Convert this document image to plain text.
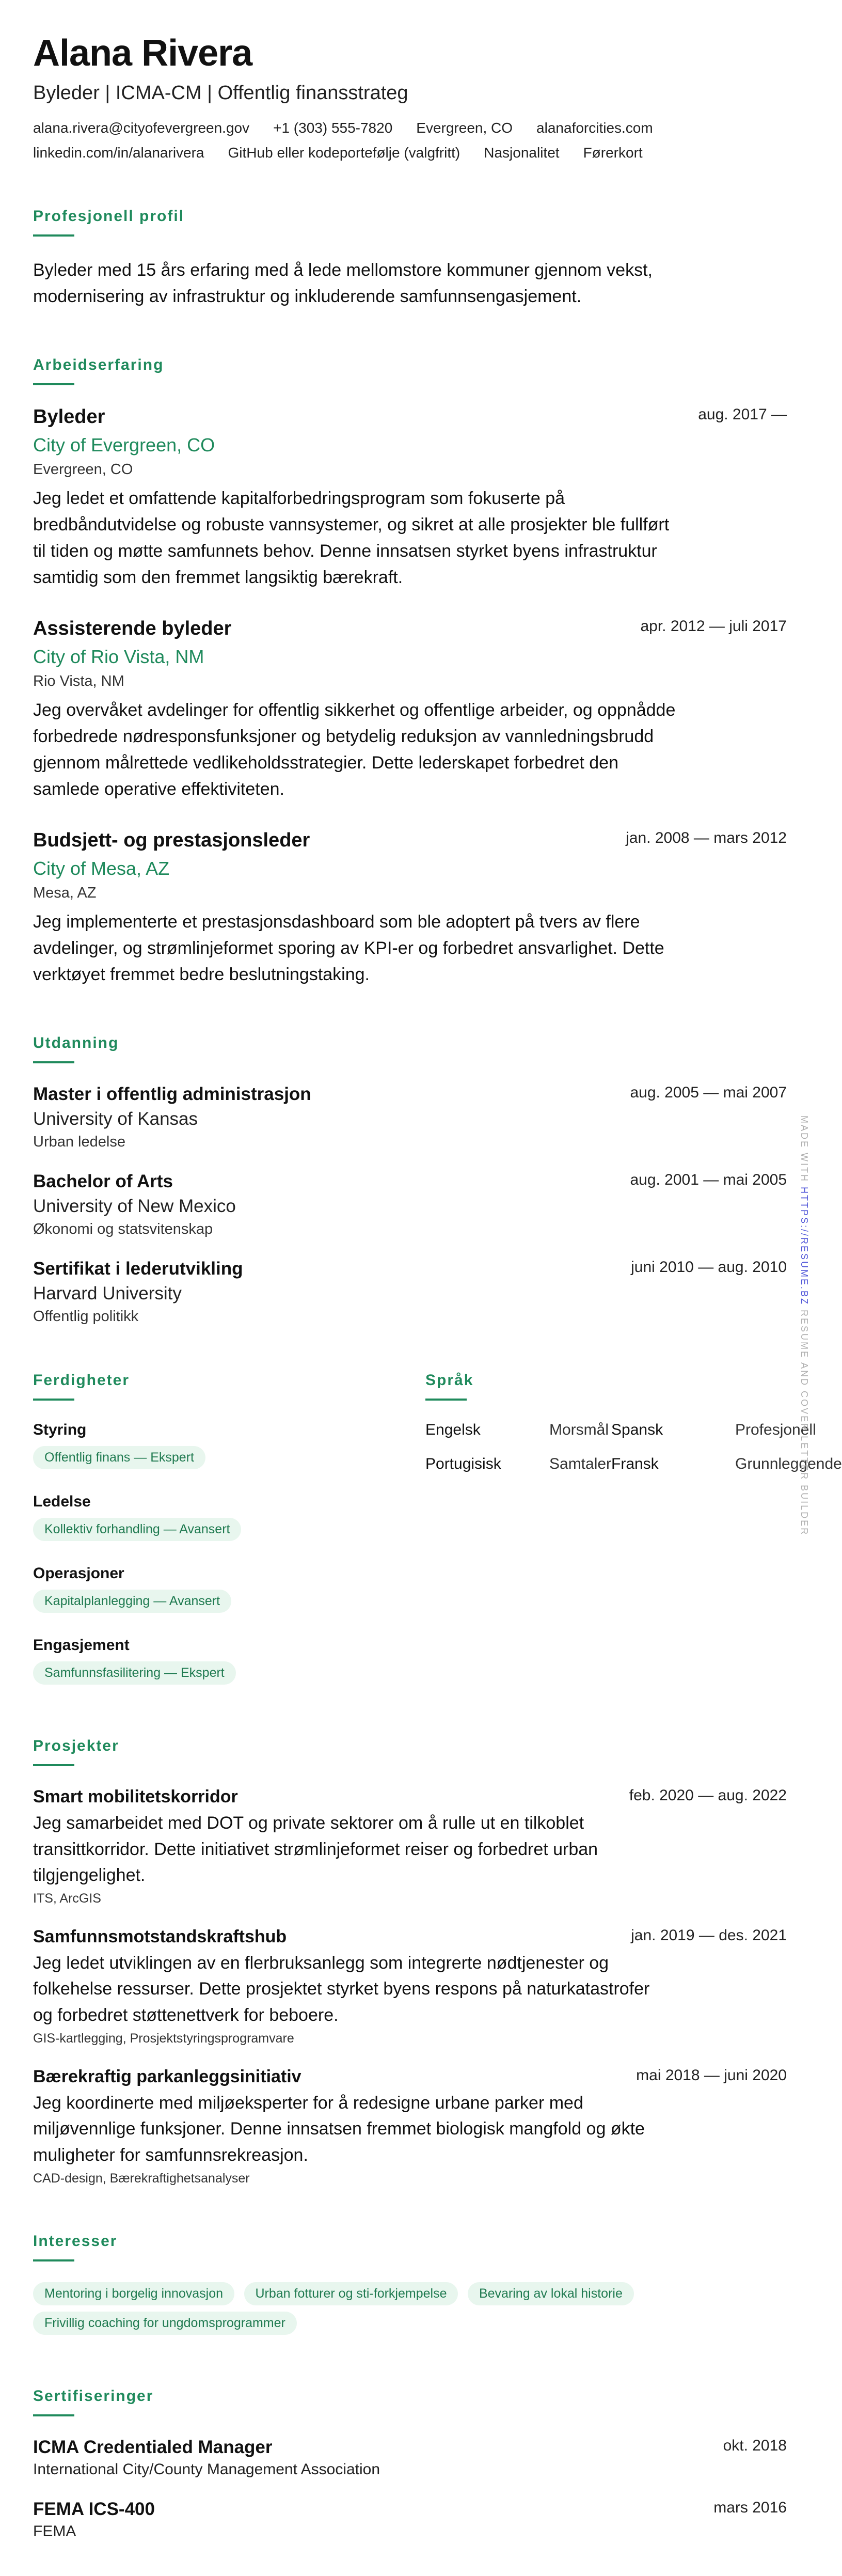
Alana Rivera
Byleder | ICMA-CM | Offentlig finansstrateg
alana.rivera@cityofevergreen.gov +1 (303) 555-7820 Evergreen, CO alanaforcities.com
linkedin.com/in/alanarivera GitHub eller kodeportefølje (valgfritt) Nasjonalitet Førerkort
Profesjonell profil
Byleder med 15 års erfaring med å lede mellomstore kommuner gjennom vekst, modernisering av infrastruktur og inkluderende samfunnsengasjement.
Arbeidserfaring
Byleder	aug. 2017 —
City of Evergreen, CO
Evergreen, CO
Jeg ledet et omfattende kapitalforbedringsprogram som fokuserte på bredbåndutvidelse og robuste vannsystemer, og sikret at alle prosjekter ble fullført til tiden og møtte samfunnets behov. Denne innsatsen styrket byens infrastruktur samtidig som den fremmet langsiktig bærekraft.
Assisterende byleder	apr. 2012 — juli 2017
City of Rio Vista, NM
Rio Vista, NM
Jeg overvåket avdelinger for offentlig sikkerhet og offentlige arbeider, og oppnådde forbedrede nødresponsfunksjoner og betydelig reduksjon av vannledningsbrudd gjennom målrettede vedlikeholdsstrategier. Dette lederskapet forbedret den samlede operative effektiviteten.
Budsjett- og prestasjonsleder	jan. 2008 — mars 2012
City of Mesa, AZ
Mesa, AZ
Jeg implementerte et prestasjonsdashboard som ble adoptert på tvers av flere avdelinger, og strømlinjeformet sporing av KPI-er og forbedret ansvarlighet. Dette verktøyet fremmet bedre beslutningstaking.
Utdanning
Master i offentlig administrasjon	aug. 2005 — mai 2007
University of Kansas
Urban ledelse
Bachelor of Arts	aug. 2001 — mai 2005
University of New Mexico
Økonomi og statsvitenskap
Sertifikat i lederutvikling	juni 2010 — aug. 2010
Harvard University
Offentlig politikk
Ferdigheter
Styring
Offentlig finans — Ekspert
Ledelse
Kollektiv forhandling — Avansert
Operasjoner
Kapitalplanlegging — Avansert
Engasjement
Samfunnsfasilitering — Ekspert
Språk
Engelsk	Morsmål Spansk	Profesjonell
Portugisisk	Samtaler Fransk	Grunnleggende
Prosjekter
Smart mobilitetskorridor	feb. 2020 — aug. 2022
Jeg samarbeidet med DOT og private sektorer om å rulle ut en tilkoblet transittkorridor. Dette initiativet strømlinjeformet reiser og forbedret urban tilgjengelighet.
ITS, ArcGIS
Samfunnsmotstandskraftshub	jan. 2019 — des. 2021
Jeg ledet utviklingen av en flerbruksanlegg som integrerte nødtjenester og folkehelse ressurser. Dette prosjektet styrket byens respons på naturkatastrofer og forbedret støttenettverk for beboere.
GIS-kartlegging, Prosjektstyringsprogramvare
Bærekraftig parkanleggsinitiativ	mai 2018 — juni 2020
Jeg koordinerte med miljøeksperter for å redesigne urbane parker med miljøvennlige funksjoner. Denne innsatsen fremmet biologisk mangfold og økte muligheter for samfunnsrekreasjon.
CAD-design, Bærekraftighetsanalyser
Interesser
Mentoring i borgelig innovasjon Urban fotturer og sti-forkjempelse Bevaring av lokal historie Frivillig coaching for ungdomsprogrammer
Sertifiseringer
ICMA Credentialed Manager	okt. 2018
International City/County Management Association
FEMA ICS-400	mars 2016
FEMA
MADE WITH HTTPS://RESUME.BZ RESUME AND COVER LETTER BUILDER
